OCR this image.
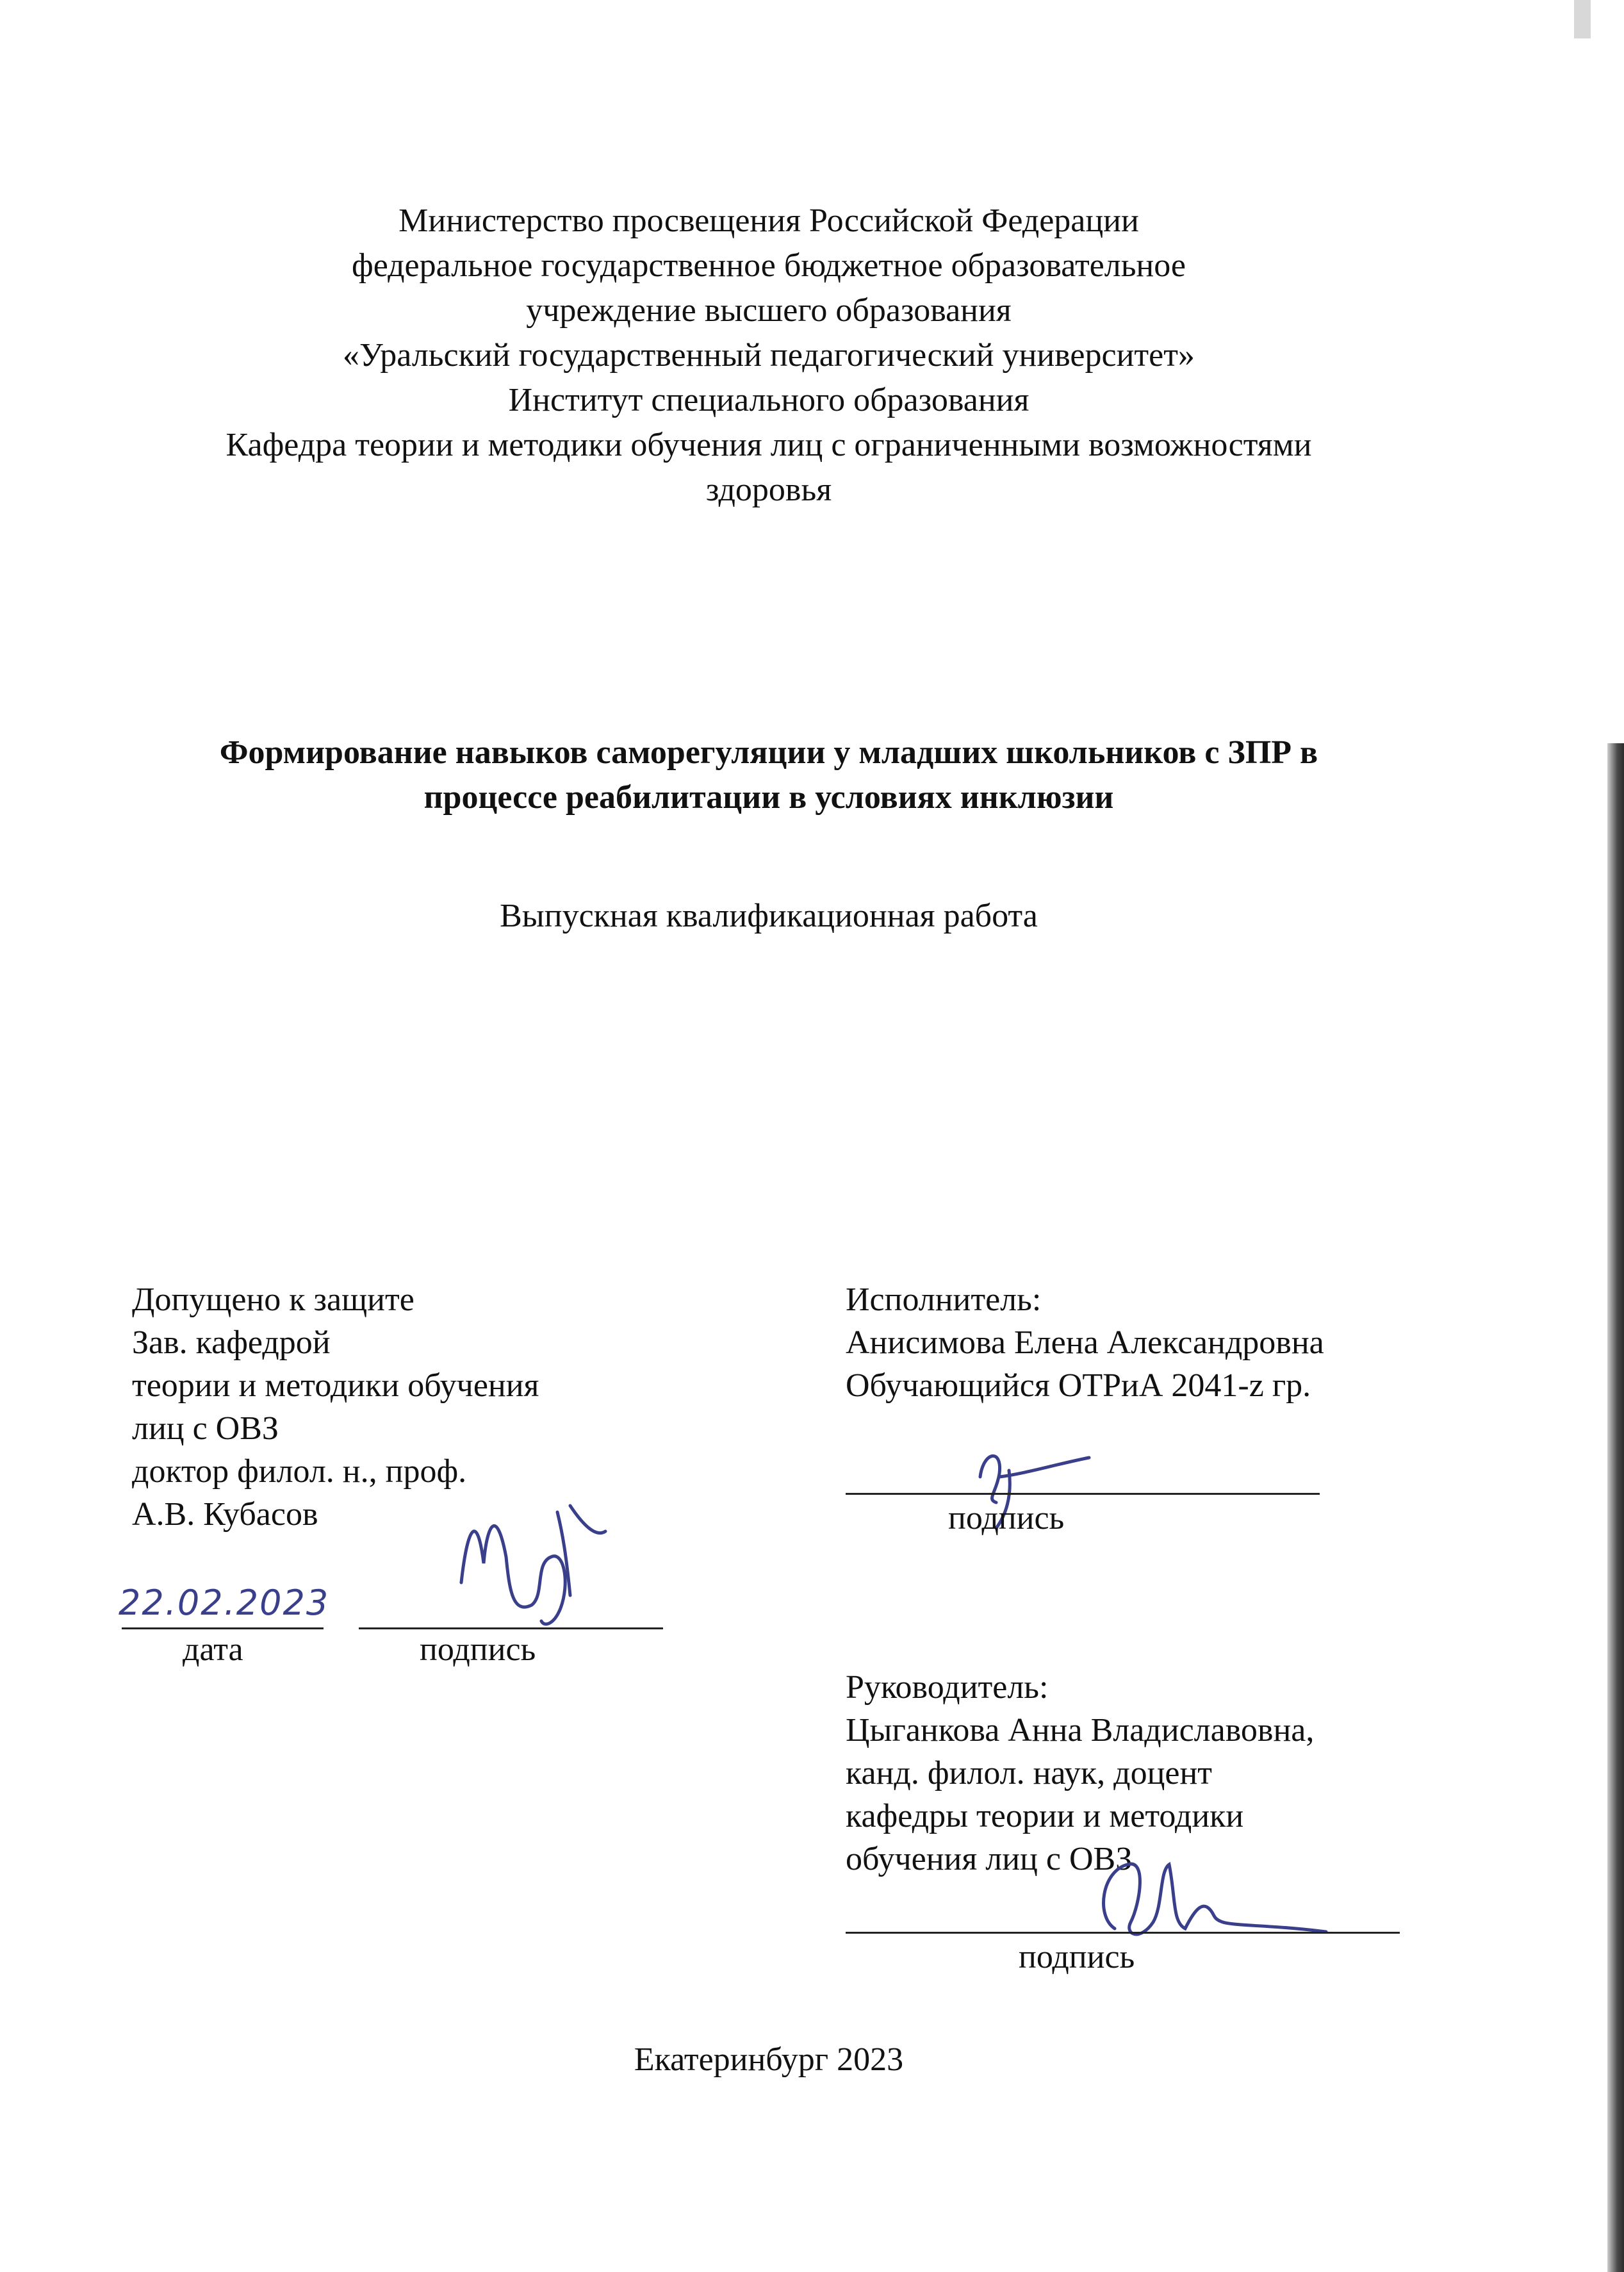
Министерство просвещения Российской Федерации
федеральное государственное бюджетное образовательное
учреждение высшего образования
«Уральский государственный педагогический университет»
Институт специального образования
Кафедра теории и методики обучения лиц с ограниченными возможностями
здоровья
Формирование навыков саморегуляции у младших школьников с ЗПР в
процессе реабилитации в условиях инклюзии
Выпускная квалификационная работа
Допущено к защите
Зав. кафедрой
теории и методики обучения
лиц с ОВЗ
доктор филол. н., проф.
А.В. Кубасов
22.02.2023
дата	подпись
Исполнитель:
Анисимова Елена Александровна
Обучающийся ОТРиА 2041-z гр.
подпись
Руководитель:
Цыганкова Анна Владиславовна,
канд. филол. наук, доцент
кафедры теории и методики
обучения лиц с ОВЗ
подпись
Екатеринбург 2023
